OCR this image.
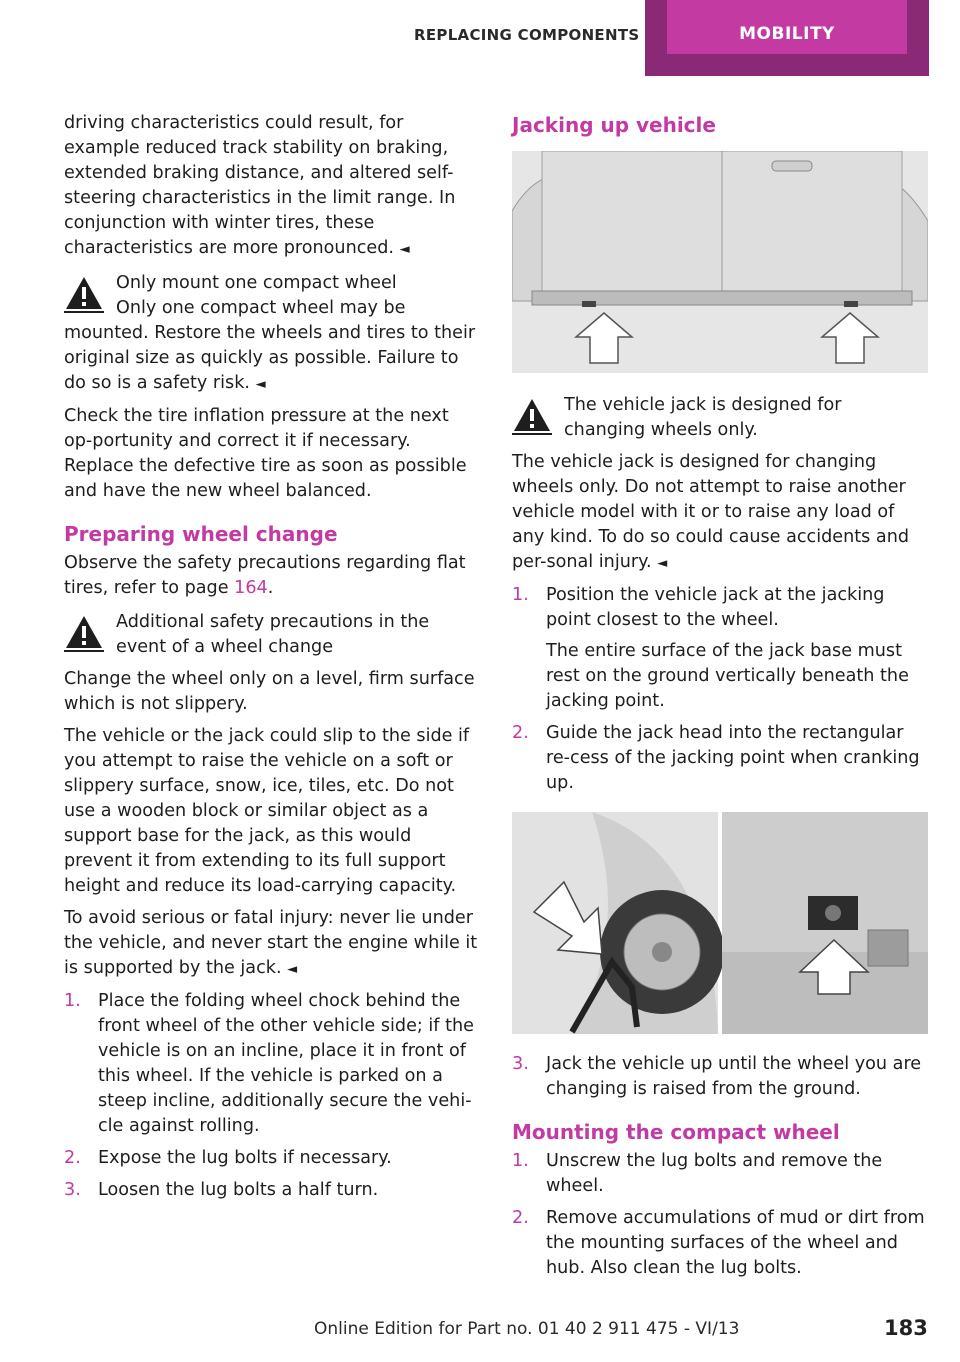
REPLACING COMPONENTS	MOBILITY

driving characteristics could result, for example reduced track stability on braking, extended braking distance, and altered self-steering characteristics in the limit range. In conjunction with winter tires, these characteristics are more pronounced. ◄

Only mount one compact wheel
Only one compact wheel may be mounted. Restore the wheels and tires to their original size as quickly as possible. Failure to do so is a safety risk. ◄

Check the tire inflation pressure at the next op-portunity and correct it if necessary. Replace the defective tire as soon as possible and have the new wheel balanced.

Preparing wheel change

Observe the safety precautions regarding flat tires, refer to page 164.

Additional safety precautions in the event of a wheel change

Change the wheel only on a level, firm surface which is not slippery.

The vehicle or the jack could slip to the side if you attempt to raise the vehicle on a soft or slippery surface, snow, ice, tiles, etc. Do not use a wooden block or similar object as a support base for the jack, as this would prevent it from extending to its full support height and reduce its load-carrying capacity.

To avoid serious or fatal injury: never lie under the vehicle, and never start the engine while it is supported by the jack. ◄

1. Place the folding wheel chock behind the front wheel of the other vehicle side; if the vehicle is on an incline, place it in front of this wheel. If the vehicle is parked on a steep incline, additionally secure the vehi-cle against rolling.
2. Expose the lug bolts if necessary.
3. Loosen the lug bolts a half turn.
Jacking up vehicle
The vehicle jack is designed for changing wheels only.

The vehicle jack is designed for changing wheels only. Do not attempt to raise another vehicle model with it or to raise any load of any kind. To do so could cause accidents and per-sonal injury. ◄

1. Position the vehicle jack at the jacking point closest to the wheel.
The entire surface of the jack base must rest on the ground vertically beneath the jacking point.
2. Guide the jack head into the rectangular re-cess of the jacking point when cranking up.
3. Jack the vehicle up until the wheel you are changing is raised from the ground.
Mounting the compact wheel
1. Unscrew the lug bolts and remove the wheel.
2. Remove accumulations of mud or dirt from the mounting surfaces of the wheel and hub. Also clean the lug bolts.
Online Edition for Part no. 01 40 2 911 475 - VI/13	183
